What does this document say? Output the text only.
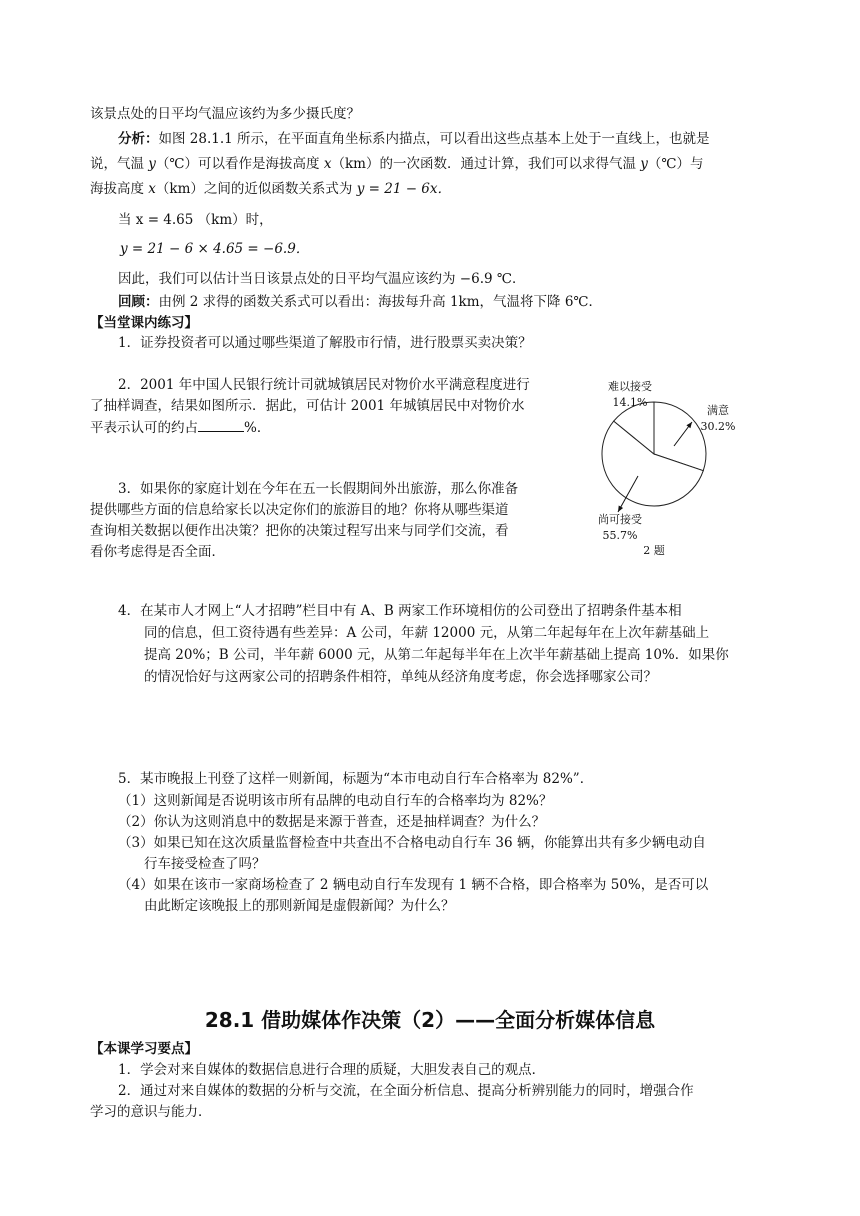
该景点处的日平均气温应该约为多少摄氏度？
分析：如图 28.1.1 所示，在平面直角坐标系内描点，可以看出这些点基本上处于一直线上，也就是
说，气温 y（℃）可以看作是海拔高度 x（km）的一次函数．通过计算，我们可以求得气温 y（℃）与
海拔高度 x（km）之间的近似函数关系式为 y = 21 − 6x．
当 x = 4.65 （km）时，
y = 21 − 6 × 4.65 = −6.9．
因此，我们可以估计当日该景点处的日平均气温应该约为 −6.9 ℃．
回顾：由例 2 求得的函数关系式可以看出：海拔每升高 1km，气温将下降 6℃．
【当堂课内练习】
1．证券投资者可以通过哪些渠道了解股市行情，进行股票买卖决策？
2．2001 年中国人民银行统计司就城镇居民对物价水平满意程度进行
了抽样调查，结果如图所示．据此，可估计 2001 年城镇居民中对物价水
平表示认可的约占	%．
3．如果你的家庭计划在今年在五一长假期间外出旅游，那么你准备
提供哪些方面的信息给家长以决定你们的旅游目的地？你将从哪些渠道
查询相关数据以便作出决策？把你的决策过程写出来与同学们交流，看
看你考虑得是否全面．
满意
30.2%
尚可接受
55.7%
难以接受
14.1%
2 题
4．在某市人才网上“人才招聘”栏目中有 A、B 两家工作环境相仿的公司登出了招聘条件基本相
同的信息，但工资待遇有些差异：A 公司，年薪 12000 元，从第二年起每年在上次年薪基础上
提高 20%；B 公司，半年薪 6000 元，从第二年起每半年在上次半年薪基础上提高 10%．如果你
的情况恰好与这两家公司的招聘条件相符，单纯从经济角度考虑，你会选择哪家公司？
5．某市晚报上刊登了这样一则新闻，标题为“本市电动自行车合格率为 82%”．
（1）这则新闻是否说明该市所有品牌的电动自行车的合格率均为 82%？
（2）你认为这则消息中的数据是来源于普查，还是抽样调查？为什么？
（3）如果已知在这次质量监督检查中共查出不合格电动自行车 36 辆，你能算出共有多少辆电动自
行车接受检查了吗？
（4）如果在该市一家商场检查了 2 辆电动自行车发现有 1 辆不合格，即合格率为 50%，是否可以
由此断定该晚报上的那则新闻是虚假新闻？为什么？
28.1 借助媒体作决策（2）——全面分析媒体信息
【本课学习要点】
1．学会对来自媒体的数据信息进行合理的质疑，大胆发表自己的观点．
2．通过对来自媒体的数据的分析与交流，在全面分析信息、提高分析辨别能力的同时，增强合作
学习的意识与能力．
